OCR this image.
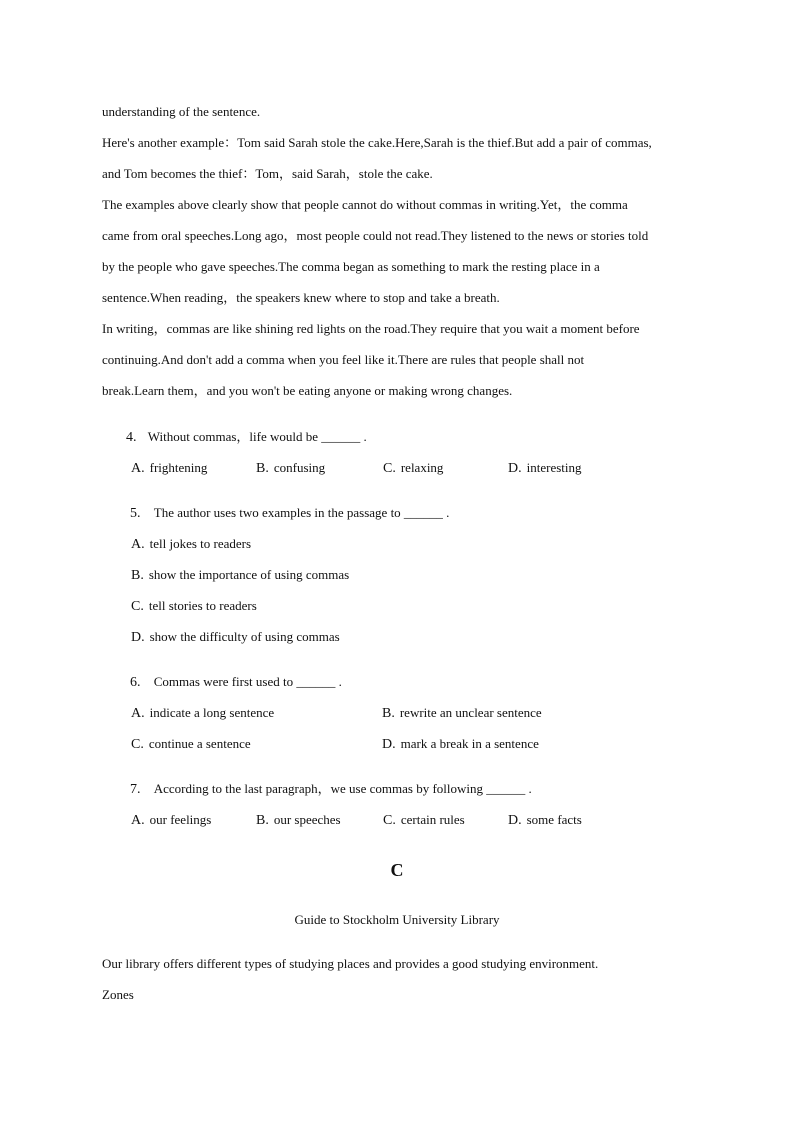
understanding of the sentence.
Here's another example：Tom said Sarah stole the cake.Here,Sarah is the thief.But add a pair of commas,
and Tom becomes the thief：Tom，said Sarah，stole the cake.
The examples above clearly show that people cannot do without commas in writing.Yet，the comma
came from oral speeches.Long ago，most people could not read.They listened to the news or stories told
by the people who gave speeches.The comma began as something to mark the resting place in a
sentence.When reading，the speakers knew where to stop and take a breath.
In writing，commas are like shining red lights on the road.They require that you wait a moment before
continuing.And don't add a comma when you feel like it.There are rules that people shall not
break.Learn them，and you won't be eating anyone or making wrong changes.
4. Without commas，life would be ______ .
A. frightening	B. confusing	C. relaxing	D. interesting
5. The author uses two examples in the passage to ______ .
A. tell jokes to readers
B. show the importance of using commas
C. tell stories to readers
D. show the difficulty of using commas
6. Commas were first used to ______ .
A. indicate a long sentence	B. rewrite an unclear sentence
C. continue a sentence	D. mark a break in a sentence
7. According to the last paragraph，we use commas by following ______ .
A. our feelings	B. our speeches	C. certain rules	D. some facts
C
Guide to Stockholm University Library
Our library offers different types of studying places and provides a good studying environment.
Zones
